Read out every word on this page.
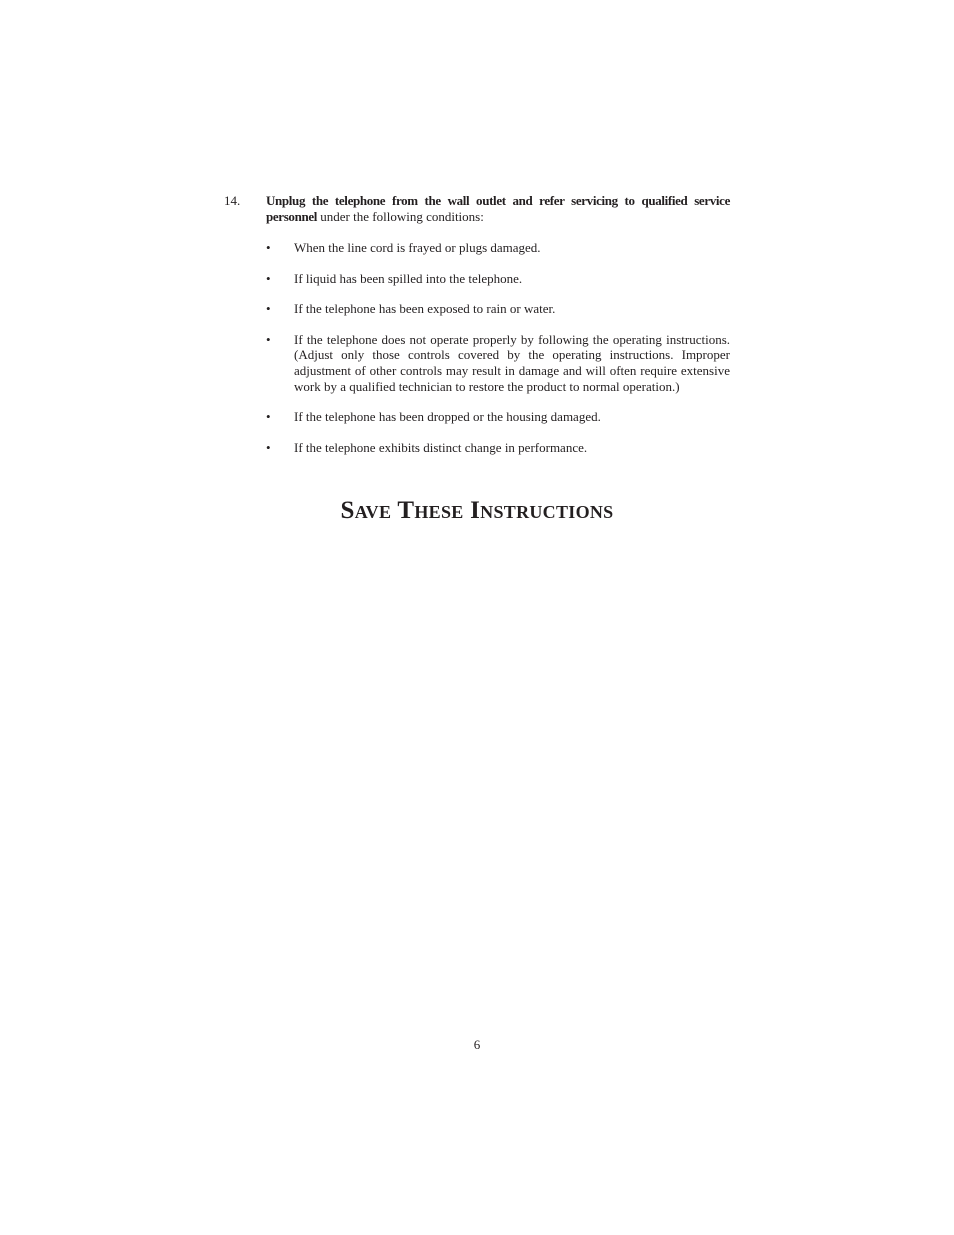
14.	Unplug the telephone from the wall outlet and refer servicing to qualified service personnel under the following conditions:
• When the line cord is frayed or plugs damaged.
• If liquid has been spilled into the telephone.
• If the telephone has been exposed to rain or water.
• If the telephone does not operate properly by following the operating instructions. (Adjust only those controls covered by the operating instructions. Improper adjustment of other controls may result in damage and will often require extensive work by a qualified technician to restore the product to normal operation.)
• If the telephone has been dropped or the housing damaged.
• If the telephone exhibits distinct change in performance.
Save These Instructions
6
